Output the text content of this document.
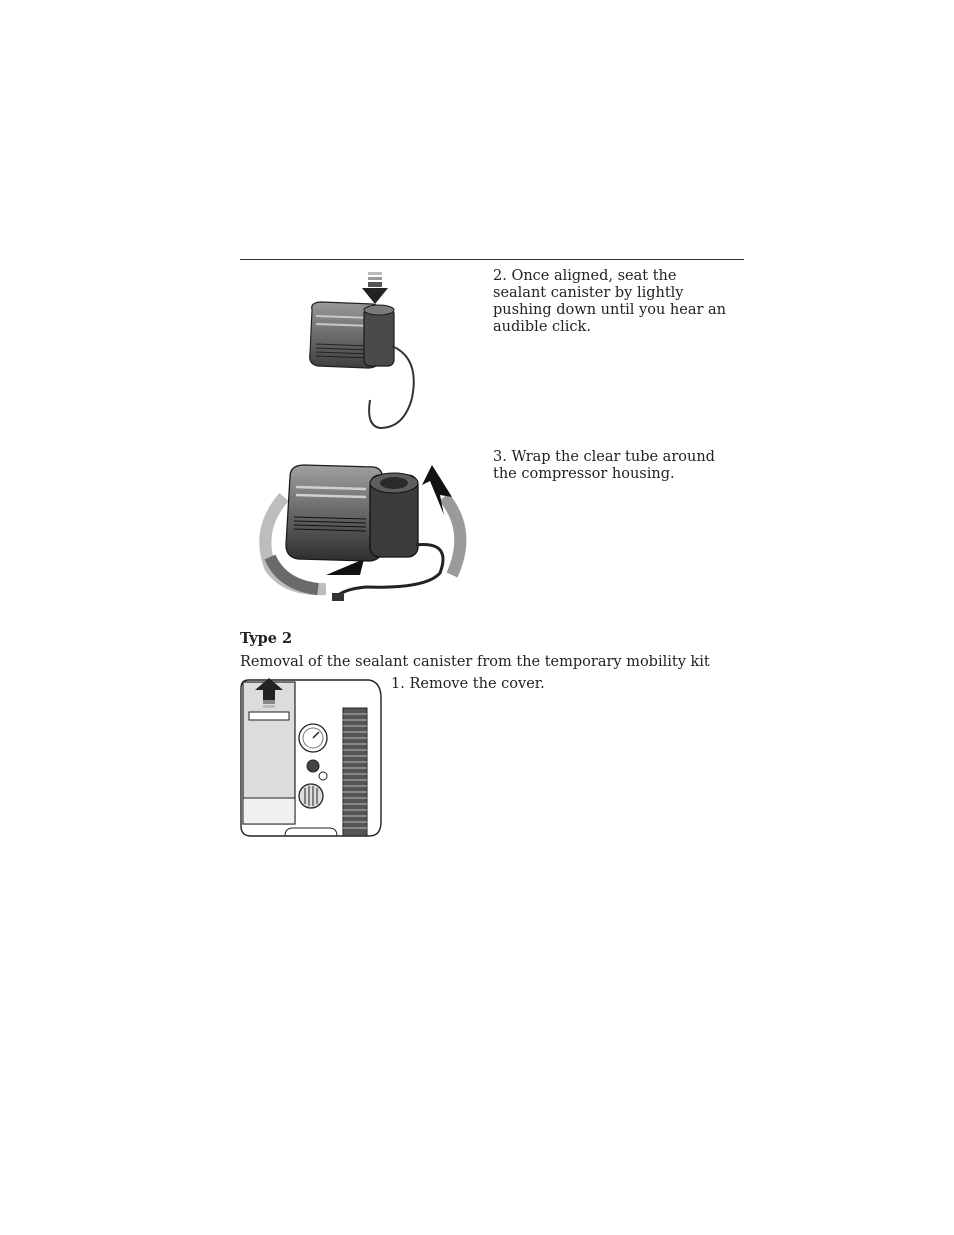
2. Once aligned, seat the sealant canister by lightly pushing down until you hear an audible click.
3. Wrap the clear tube around the compressor housing.
Type 2
Removal of the sealant canister from the temporary mobility kit
1. Remove the cover.
